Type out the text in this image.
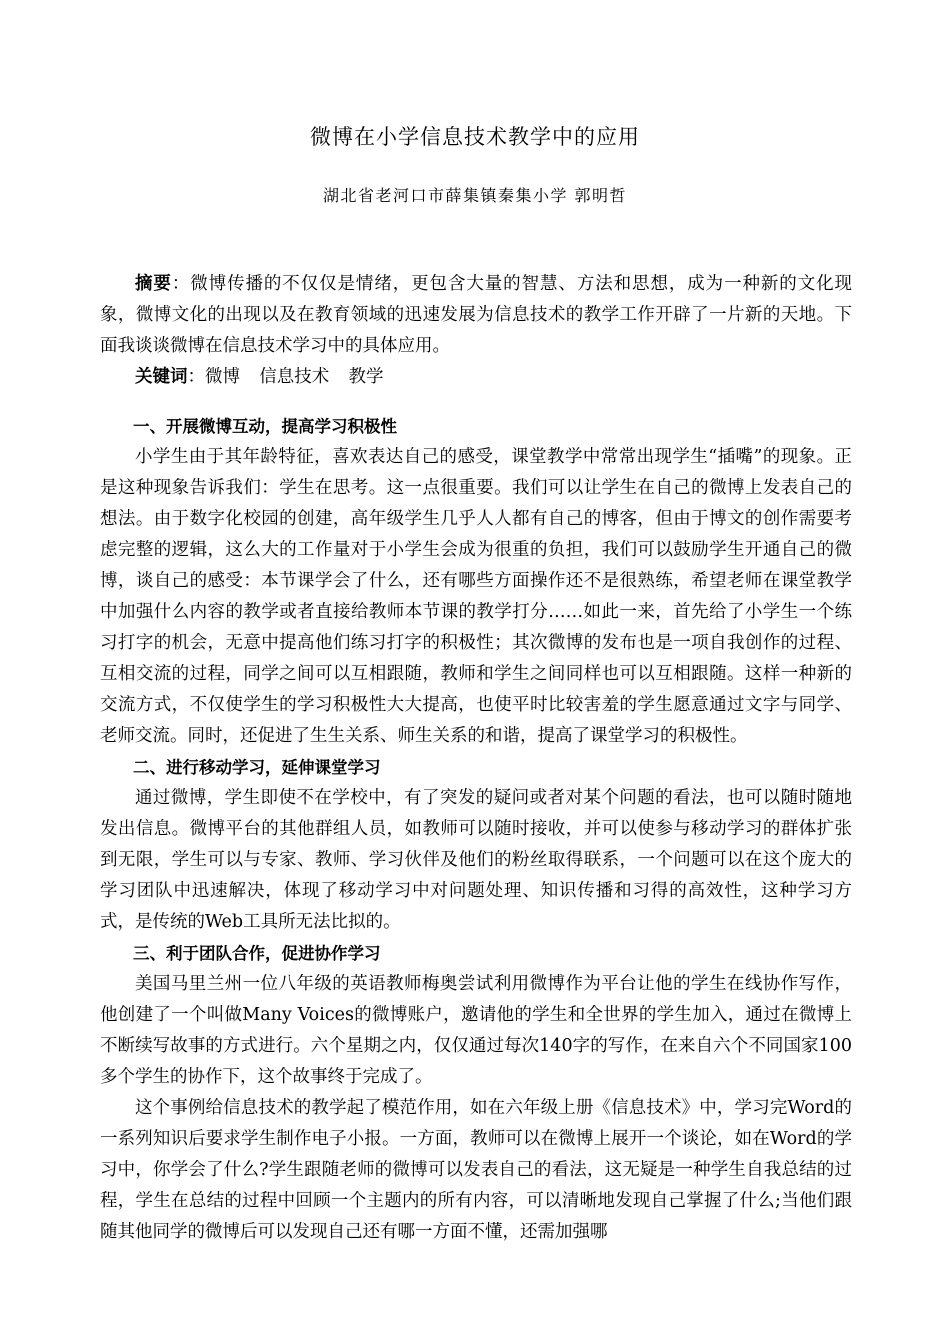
微博在小学信息技术教学中的应用
湖北省老河口市薛集镇秦集小学 郭明哲

摘要：微博传播的不仅仅是情绪，更包含大量的智慧、方法和思想，成为一种新的文化现象，微博文化的出现以及在教育领域的迅速发展为信息技术的教学工作开辟了一片新的天地。下面我谈谈微博在信息技术学习中的具体应用。

关键词：微博 信息技术 教学

一、开展微博互动，提高学习积极性

小学生由于其年龄特征，喜欢表达自己的感受，课堂教学中常常出现学生“插嘴”的现象。正是这种现象告诉我们：学生在思考。这一点很重要。我们可以让学生在自己的微博上发表自己的想法。由于数字化校园的创建，高年级学生几乎人人都有自己的博客，但由于博文的创作需要考虑完整的逻辑，这么大的工作量对于小学生会成为很重的负担，我们可以鼓励学生开通自己的微博，谈自己的感受：本节课学会了什么，还有哪些方面操作还不是很熟练，希望老师在课堂教学中加强什么内容的教学或者直接给教师本节课的教学打分……如此一来，首先给了小学生一个练习打字的机会，无意中提高他们练习打字的积极性；其次微博的发布也是一项自我创作的过程、互相交流的过程，同学之间可以互相跟随，教师和学生之间同样也可以互相跟随。这样一种新的交流方式，不仅使学生的学习积极性大大提高，也使平时比较害羞的学生愿意通过文字与同学、老师交流。同时，还促进了生生关系、师生关系的和谐，提高了课堂学习的积极性。

二、进行移动学习，延伸课堂学习

通过微博，学生即使不在学校中，有了突发的疑问或者对某个问题的看法，也可以随时随地发出信息。微博平台的其他群组人员，如教师可以随时接收，并可以使参与移动学习的群体扩张到无限，学生可以与专家、教师、学习伙伴及他们的粉丝取得联系，一个问题可以在这个庞大的学习团队中迅速解决，体现了移动学习中对问题处理、知识传播和习得的高效性，这种学习方式，是传统的Web工具所无法比拟的。

三、利于团队合作，促进协作学习

美国马里兰州一位八年级的英语教师梅奥尝试利用微博作为平台让他的学生在线协作写作，他创建了一个叫做Many Voices的微博账户，邀请他的学生和全世界的学生加入，通过在微博上不断续写故事的方式进行。六个星期之内，仅仅通过每次140字的写作，在来自六个不同国家100多个学生的协作下，这个故事终于完成了。

这个事例给信息技术的教学起了模范作用，如在六年级上册《信息技术》中，学习完Word的一系列知识后要求学生制作电子小报。一方面，教师可以在微博上展开一个谈论，如在Word的学习中，你学会了什么?学生跟随老师的微博可以发表自己的看法，这无疑是一种学生自我总结的过程，学生在总结的过程中回顾一个主题内的所有内容，可以清晰地发现自己掌握了什么;当他们跟随其他同学的微博后可以发现自己还有哪一方面不懂，还需加强哪
